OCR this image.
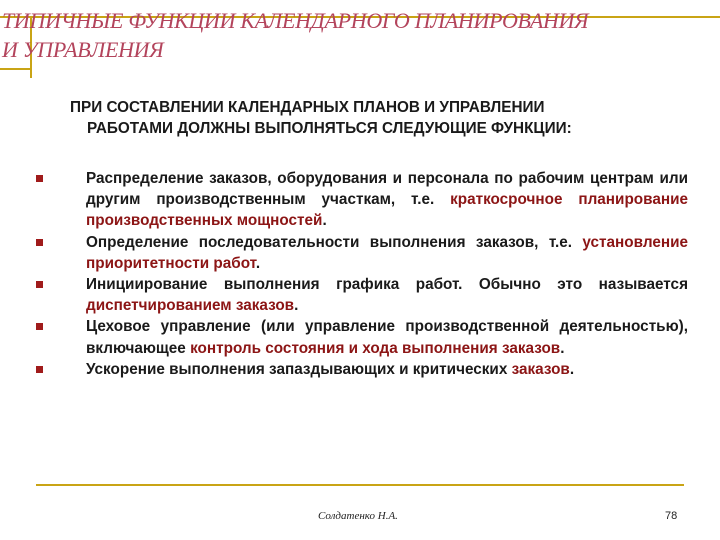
ТИПИЧНЫЕ ФУНКЦИИ КАЛЕНДАРНОГО ПЛАНИРОВАНИЯ
И УПРАВЛЕНИЯ
ПРИ СОСТАВЛЕНИИ КАЛЕНДАРНЫХ ПЛАНОВ И УПРАВЛЕНИИ
РАБОТАМИ ДОЛЖНЫ ВЫПОЛНЯТЬСЯ СЛЕДУЮЩИЕ ФУНКЦИИ:
Распределение заказов, оборудования и персонала по рабочим центрам или другим производственным участкам, т.е. краткосрочное планирование производственных мощностей.
Определение последовательности выполнения заказов, т.е. установление приоритетности работ.
Инициирование выполнения графика работ. Обычно это называется диспетчированием заказов.
Цеховое управление (или управление производственной деятельностью), включающее контроль состояния и хода выполнения заказов.
Ускорение выполнения запаздывающих и критических заказов.
Солдатенко Н.А.	78
